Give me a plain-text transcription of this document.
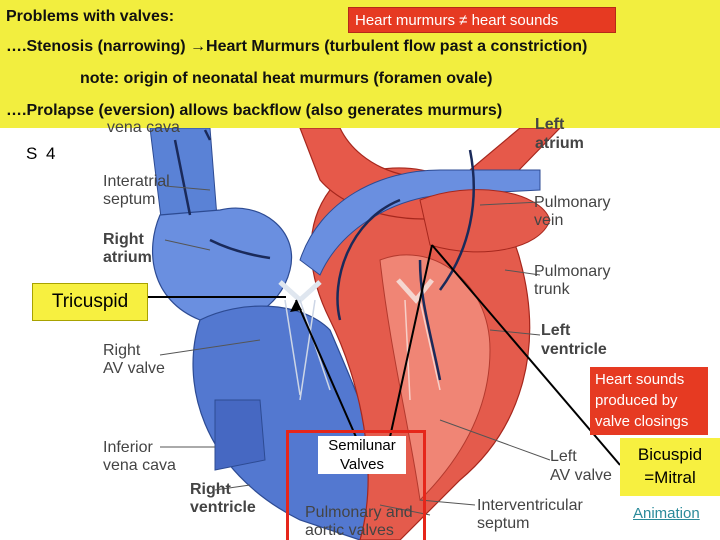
Problems with valves:	Heart murmurs ≠ heart sounds
….Stenosis (narrowing) →Heart Murmurs (turbulent flow past a constriction)
note: origin of neonatal heat murmurs (foramen ovale)
….Prolapse (eversion) allows backflow (also generates murmurs)
vena cava	Left
atrium
Interatrial
septum
Right
atrium
Pulmonary
vein
Pulmonary
trunk
Left
ventricle
Right
AV valve
Inferior
vena cava
Right
ventricle
Left
AV valve
Pulmonary and
aortic valves
Interventricular
septum
S 4
Tricuspid
Semilunar
Valves
Heart sounds produced by valve closings
Bicuspid
=Mitral
Animation
